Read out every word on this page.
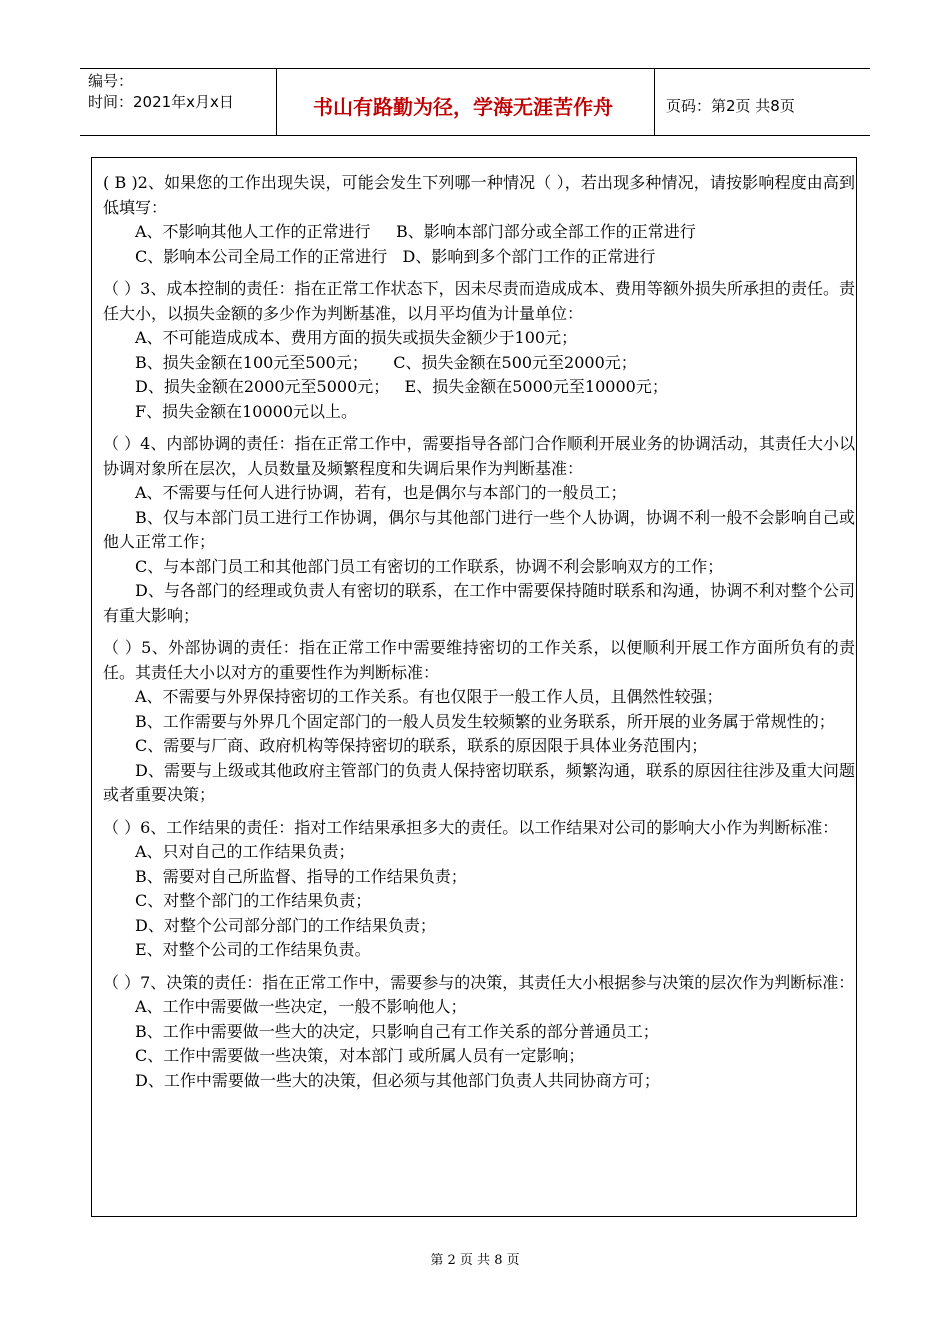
编号：
时间：2021年x月x日	书山有路勤为径，学海无涯苦作舟	页码：第2页 共8页

( B )2、如果您的工作出现失误，可能会发生下列哪一种情况（ ），若出现多种情况，请按影响程度由高到低填写：

A、不影响其他人工作的正常进行     B、影响本部门部分或全部工作的正常进行

C、影响本公司全局工作的正常进行   D、影响到多个部门工作的正常进行

（ ）3、成本控制的责任：指在正常工作状态下，因未尽责而造成成本、费用等额外损失所承担的责任。责任大小，以损失金额的多少作为判断基准，以月平均值为计量单位：

A、不可能造成成本、费用方面的损失或损失金额少于100元；

B、损失金额在100元至500元；     C、损失金额在500元至2000元；

D、损失金额在2000元至5000元；   E、损失金额在5000元至10000元；

F、损失金额在10000元以上。

（ ）4、内部协调的责任：指在正常工作中，需要指导各部门合作顺利开展业务的协调活动，其责任大小以协调对象所在层次，人员数量及频繁程度和失调后果作为判断基准：

A、不需要与任何人进行协调，若有，也是偶尔与本部门的一般员工；

B、仅与本部门员工进行工作协调，偶尔与其他部门进行一些个人协调，协调不利一般不会影响自己或他人正常工作；

C、与本部门员工和其他部门员工有密切的工作联系，协调不利会影响双方的工作；

D、与各部门的经理或负责人有密切的联系，在工作中需要保持随时联系和沟通，协调不利对整个公司有重大影响；

（ ）5、外部协调的责任：指在正常工作中需要维持密切的工作关系，以便顺利开展工作方面所负有的责任。其责任大小以对方的重要性作为判断标准：

A、不需要与外界保持密切的工作关系。有也仅限于一般工作人员，且偶然性较强；

B、工作需要与外界几个固定部门的一般人员发生较频繁的业务联系，所开展的业务属于常规性的；

C、需要与厂商、政府机构等保持密切的联系，联系的原因限于具体业务范围内；

D、需要与上级或其他政府主管部门的负责人保持密切联系，频繁沟通，联系的原因往往涉及重大问题或者重要决策；

（ ）6、工作结果的责任：指对工作结果承担多大的责任。以工作结果对公司的影响大小作为判断标准：

A、只对自己的工作结果负责；

B、需要对自己所监督、指导的工作结果负责；

C、对整个部门的工作结果负责；

D、对整个公司部分部门的工作结果负责；

E、对整个公司的工作结果负责。

（ ）7、决策的责任：指在正常工作中，需要参与的决策，其责任大小根据参与决策的层次作为判断标准：

A、工作中需要做一些决定，一般不影响他人；

B、工作中需要做一些大的决定，只影响自己有工作关系的部分普通员工；

C、工作中需要做一些决策，对本部门 或所属人员有一定影响；

D、工作中需要做一些大的决策，但必须与其他部门负责人共同协商方可；

第 2 页 共 8 页
